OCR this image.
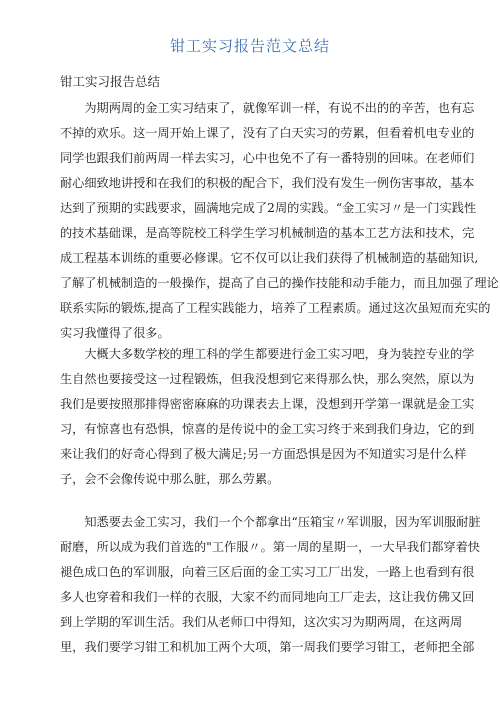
钳工实习报告范文总结
钳工实习报告总结
　　为期两周的金工实习结束了，就像军训一样，有说不出的的辛苦，也有忘
不掉的欢乐。这一周开始上课了，没有了白天实习的劳累，但看着机电专业的
同学也跟我们前两周一样去实习，心中也免不了有一番特别的回味。在老师们
耐心细致地讲授和在我们的积极的配合下，我们没有发生一例伤害事故，基本
达到了预期的实践要求，圆满地完成了2周的实践。“金工实习〃是一门实践性
的技术基础课，是高等院校工科学生学习机械制造的基本工艺方法和技术，完
成工程基本训练的重要必修课。它不仅可以让我们获得了机械制造的基础知识,
了解了机械制造的一般操作，提高了自己的操作技能和动手能力，而且加强了理论
联系实际的锻炼,提高了工程实践能力，培养了工程素质。通过这次虽短而充实的
实习我懂得了很多。
　　大概大多数学校的理工科的学生都要进行金工实习吧，身为装控专业的学
生自然也要接受这一过程锻炼，但我没想到它来得那么快，那么突然，原以为
我们是要按照那排得密密麻麻的功课表去上课，没想到开学第一课就是金工实
习，有惊喜也有恐惧，惊喜的是传说中的金工实习终于来到我们身边，它的到
来让我们的好奇心得到了极大满足;另一方面恐惧是因为不知道实习是什么样
子，会不会像传说中那么脏，那么劳累。
　　知悉要去金工实习，我们一个个都拿出“压箱宝〃军训服，因为军训服耐脏
耐磨，所以成为我们首选的"工作服〃。第一周的星期一，一大早我们都穿着快
褪色成口色的军训服，向着三区后面的金工实习工厂出发，一路上也看到有很
多人也穿着和我们一样的衣服，大家不约而同地向工厂走去，这让我仿佛又回
到上学期的军训生活。我们从老师口中得知，这次实习为期两周，在这两周
里，我们要学习钳工和机加工两个大项，第一周我们要学习钳工，老师把全部
